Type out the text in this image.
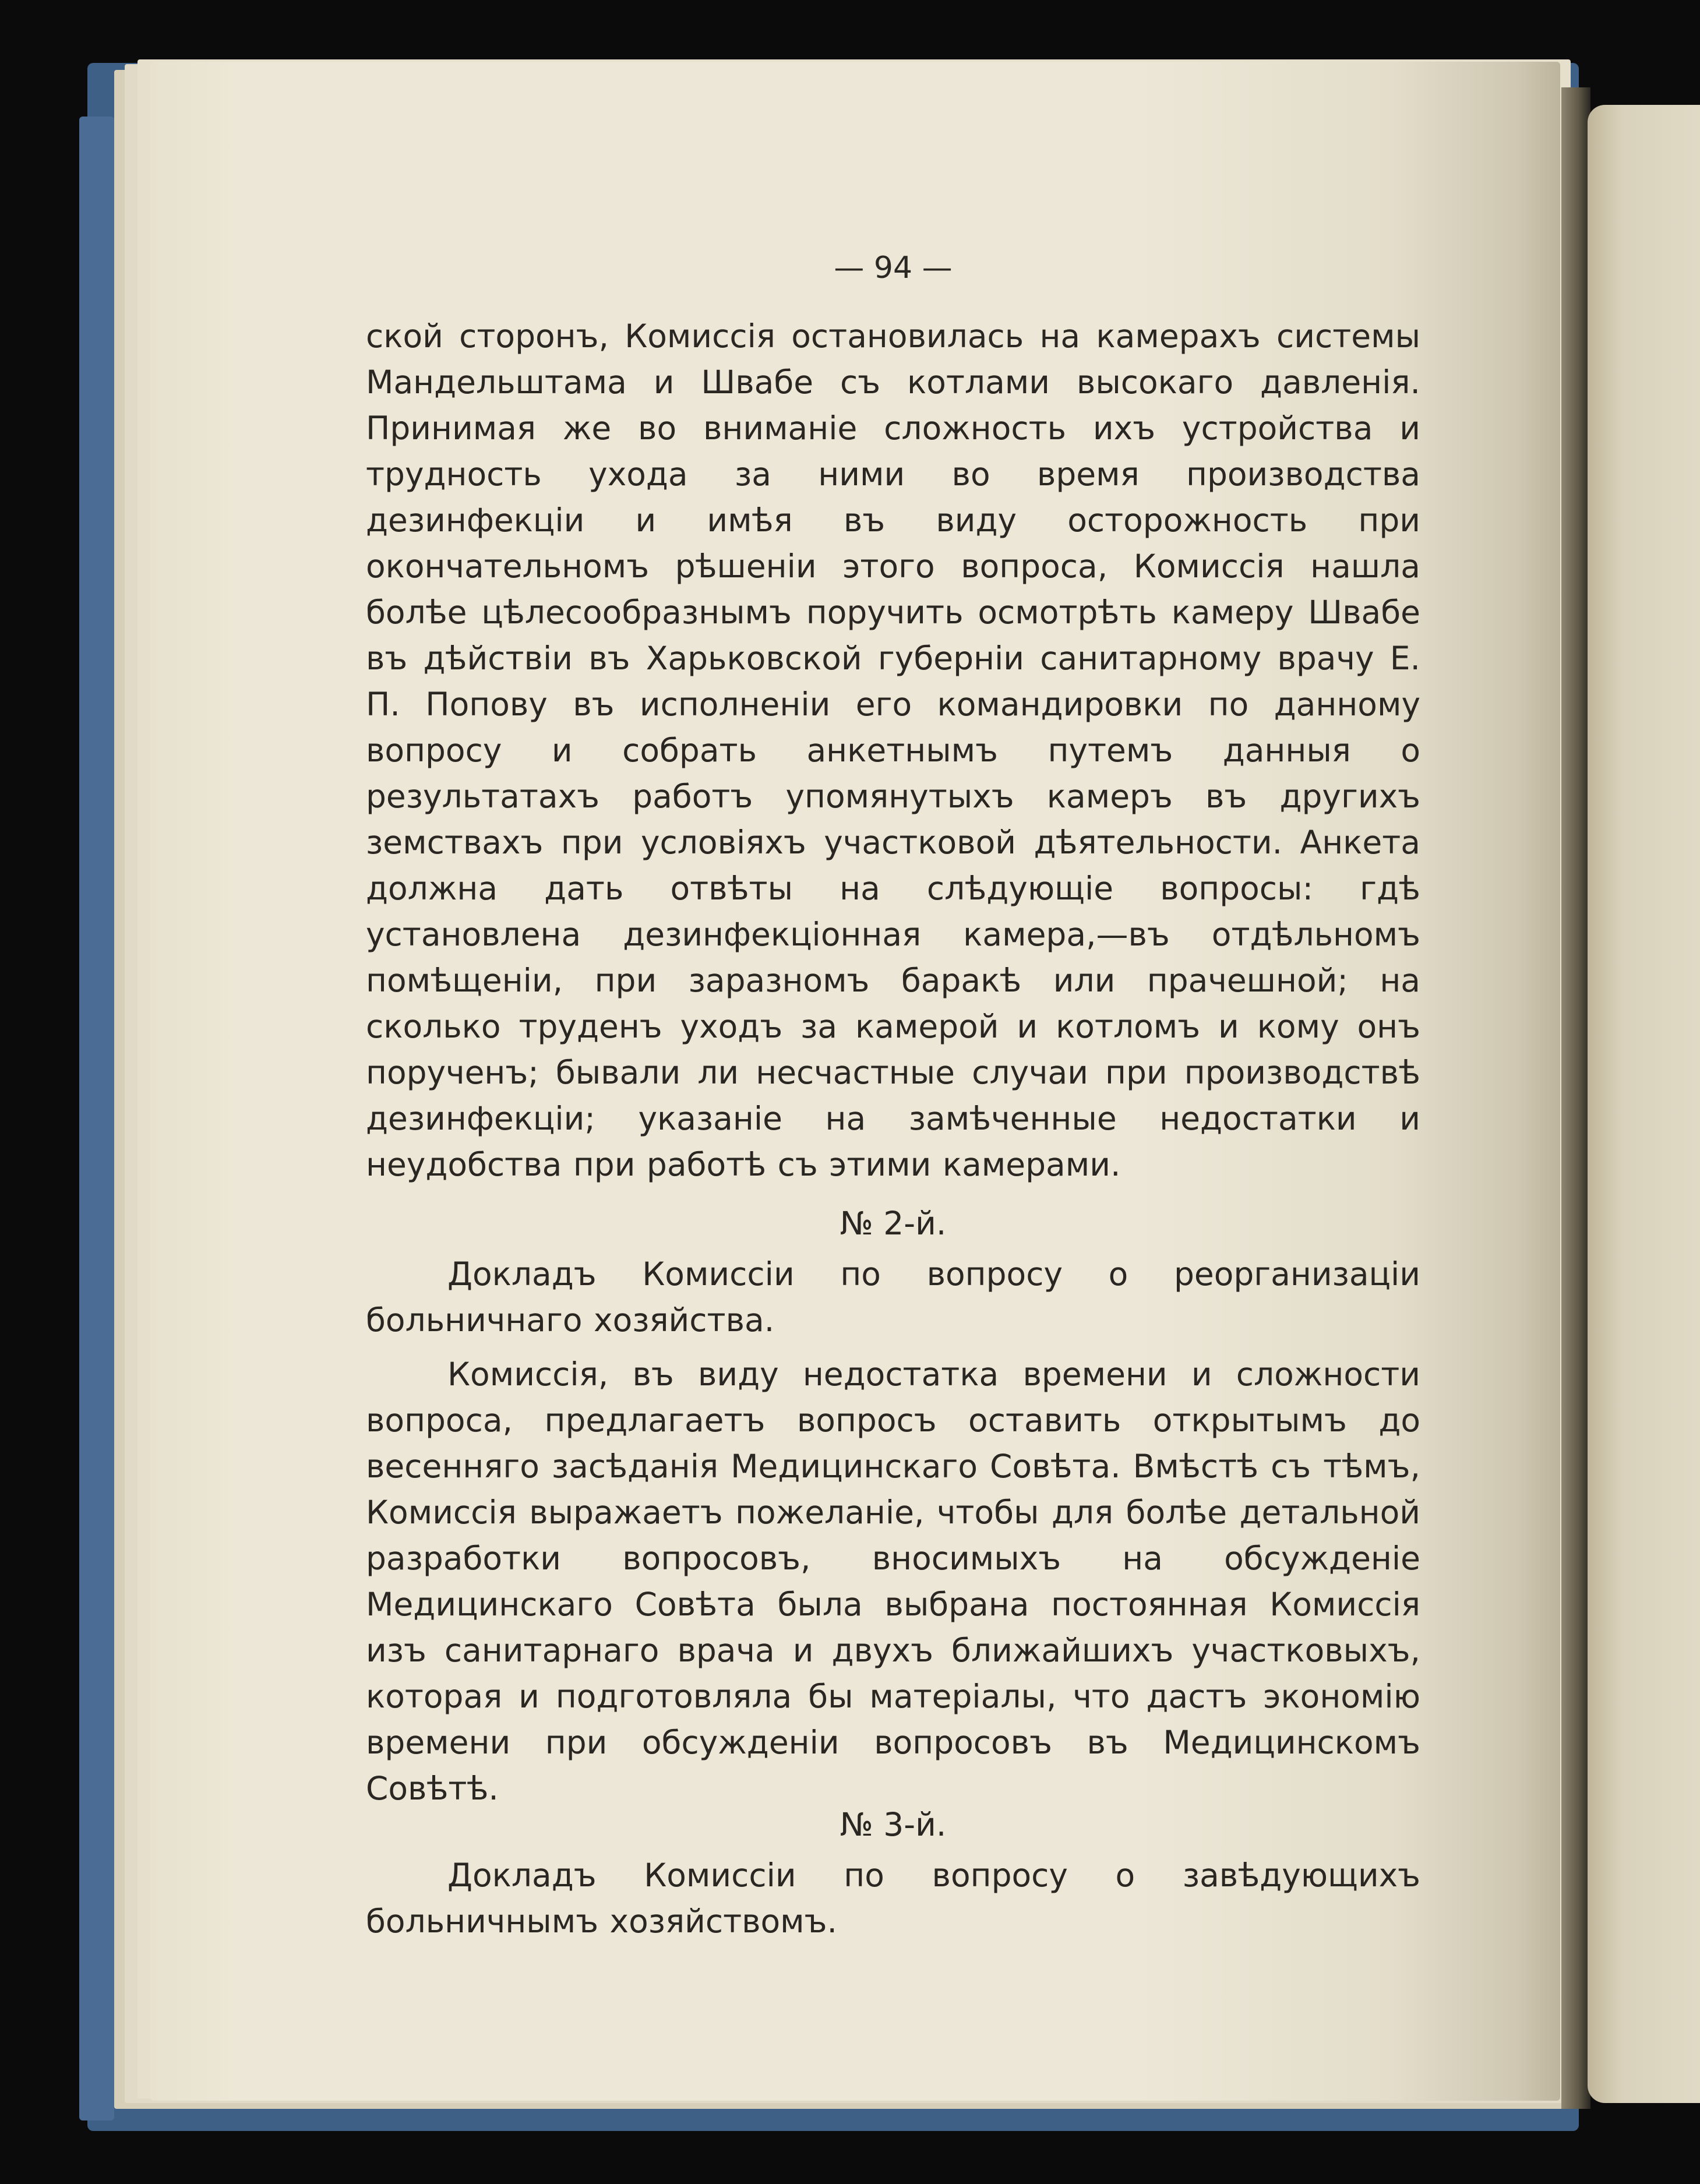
— 94 —

ской сторонъ, Комиссія остановилась на камерахъ системы Мандельштама и Швабе съ котлами высокаго давленія. Принимая же во вниманіе сложность ихъ устройства и трудность ухода за ними во время производства дезинфекціи и имѣя въ виду осторожность при окончательномъ рѣшеніи этого вопроса, Комиссія нашла болѣе цѣлесообразнымъ поручить осмотрѣть камеру Швабе въ дѣйствіи въ Харьковской губерніи санитарному врачу Е. П. Попову въ исполненіи его командировки по данному вопросу и собрать анкетнымъ путемъ данныя о результатахъ работъ упомянутыхъ камеръ въ другихъ земствахъ при условіяхъ участковой дѣятельности. Анкета должна дать отвѣты на слѣдующіе вопросы: гдѣ установлена дезинфекціонная камера,—въ отдѣльномъ помѣщеніи, при заразномъ баракѣ или прачешной; на сколько труденъ уходъ за камерой и котломъ и кому онъ порученъ; бывали ли несчастные случаи при производствѣ дезинфекціи; указаніе на замѣченные недостатки и неудобства при работѣ съ этими камерами.

№ 2-й.

Докладъ Комиссіи по вопросу о реорганизаціи больничнаго хозяйства.

Комиссія, въ виду недостатка времени и сложности вопроса, предлагаетъ вопросъ оставить открытымъ до весенняго засѣданія Медицинскаго Совѣта. Вмѣстѣ съ тѣмъ, Комиссія выражаетъ пожеланіе, чтобы для болѣе детальной разработки вопросовъ, вносимыхъ на обсужденіе Медицинскаго Совѣта была выбрана постоянная Комиссія изъ санитарнаго врача и двухъ ближайшихъ участковыхъ, которая и подготовляла бы матеріалы, что дастъ экономію времени при обсужденіи вопросовъ въ Медицинскомъ Совѣтѣ.

№ 3-й.

Докладъ Комиссіи по вопросу о завѣдующихъ больничнымъ хозяйствомъ.
